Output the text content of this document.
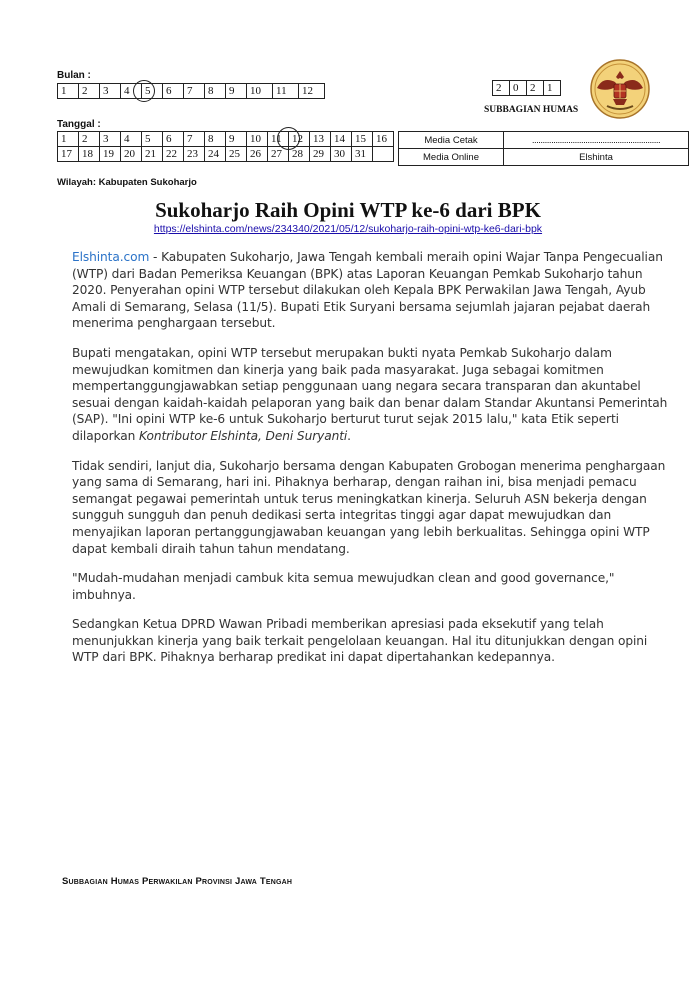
Bulan :
1	2	3	4	5	6	7	8	9	10	11	12	2	0	2	1
SUBBAGIAN HUMAS
Tanggal :
1	2	3	4	5	6	7	8	9	10	11	12	13	14	15	16
17	18	19	20	21	22	23	24	25	26	27	28	29	30	31	
Media Cetak	............................................................
Media Online	Elshinta
Wilayah: Kabupaten Sukoharjo
Sukoharjo Raih Opini WTP ke-6 dari BPK
https://elshinta.com/news/234340/2021/05/12/sukoharjo-raih-opini-wtp-ke6-dari-bpk

Elshinta.com - Kabupaten Sukoharjo, Jawa Tengah kembali meraih opini Wajar Tanpa Pengecualian (WTP) dari Badan Pemeriksa Keuangan (BPK) atas Laporan Keuangan Pemkab Sukoharjo tahun 2020. Penyerahan opini WTP tersebut dilakukan oleh Kepala BPK Perwakilan Jawa Tengah, Ayub Amali di Semarang, Selasa (11/5). Bupati Etik Suryani bersama sejumlah jajaran pejabat daerah menerima penghargaan tersebut.

Bupati mengatakan, opini WTP tersebut merupakan bukti nyata Pemkab Sukoharjo dalam mewujudkan komitmen dan kinerja yang baik pada masyarakat. Juga sebagai komitmen mempertanggungjawabkan setiap penggunaan uang negara secara transparan dan akuntabel sesuai dengan kaidah-kaidah pelaporan yang baik dan benar dalam Standar Akuntansi Pemerintah (SAP). "Ini opini WTP ke-6 untuk Sukoharjo berturut turut sejak 2015 lalu," kata Etik seperti dilaporkan Kontributor Elshinta, Deni Suryanti.

Tidak sendiri, lanjut dia, Sukoharjo bersama dengan Kabupaten Grobogan menerima penghargaan yang sama di Semarang, hari ini. Pihaknya berharap, dengan raihan ini, bisa menjadi pemacu semangat pegawai pemerintah untuk terus meningkatkan kinerja. Seluruh ASN bekerja dengan sungguh sungguh dan penuh dedikasi serta integritas tinggi agar dapat mewujudkan dan menyajikan laporan pertanggungjawaban keuangan yang lebih berkualitas. Sehingga opini WTP dapat kembali diraih tahun tahun mendatang.

"Mudah-mudahan menjadi cambuk kita semua mewujudkan clean and good governance," imbuhnya.

Sedangkan Ketua DPRD Wawan Pribadi memberikan apresiasi pada eksekutif yang telah menunjukkan kinerja yang baik terkait pengelolaan keuangan. Hal itu ditunjukkan dengan opini WTP dari BPK. Pihaknya berharap predikat ini dapat dipertahankan kedepannya.

Subbagian Humas Perwakilan Provinsi Jawa Tengah
